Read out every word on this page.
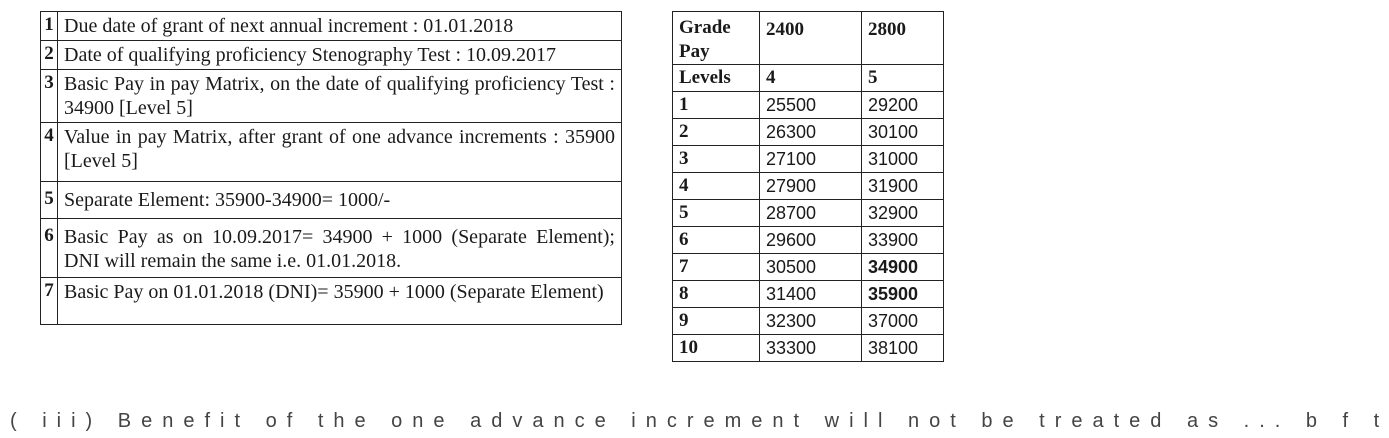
1	Due date of grant of next annual increment : 01.01.2018
2	Date of qualifying proficiency Stenography Test : 10.09.2017
3	Basic Pay in pay Matrix, on the date of qualifying proficiency Test : 34900 [Level 5]
4	Value in pay Matrix, after grant of one advance increments : 35900 [Level 5]
5	Separate Element: 35900-34900= 1000/-
6	Basic Pay as on 10.09.2017= 34900 + 1000 (Separate Element); DNI will remain the same i.e. 01.01.2018.
7	Basic Pay on 01.01.2018 (DNI)= 35900 + 1000 (Separate Element)
Grade Pay	2400	2800
Levels	4	5
1	25500	29200
2	26300	30100
3	27100	31000
4	27900	31900
5	28700	32900
6	29600	33900
7	30500	34900
8	31400	35900
9	32300	37000
10	33300	38100
( iii) Benefit of the one advance increment will not be treated as ... b f t
